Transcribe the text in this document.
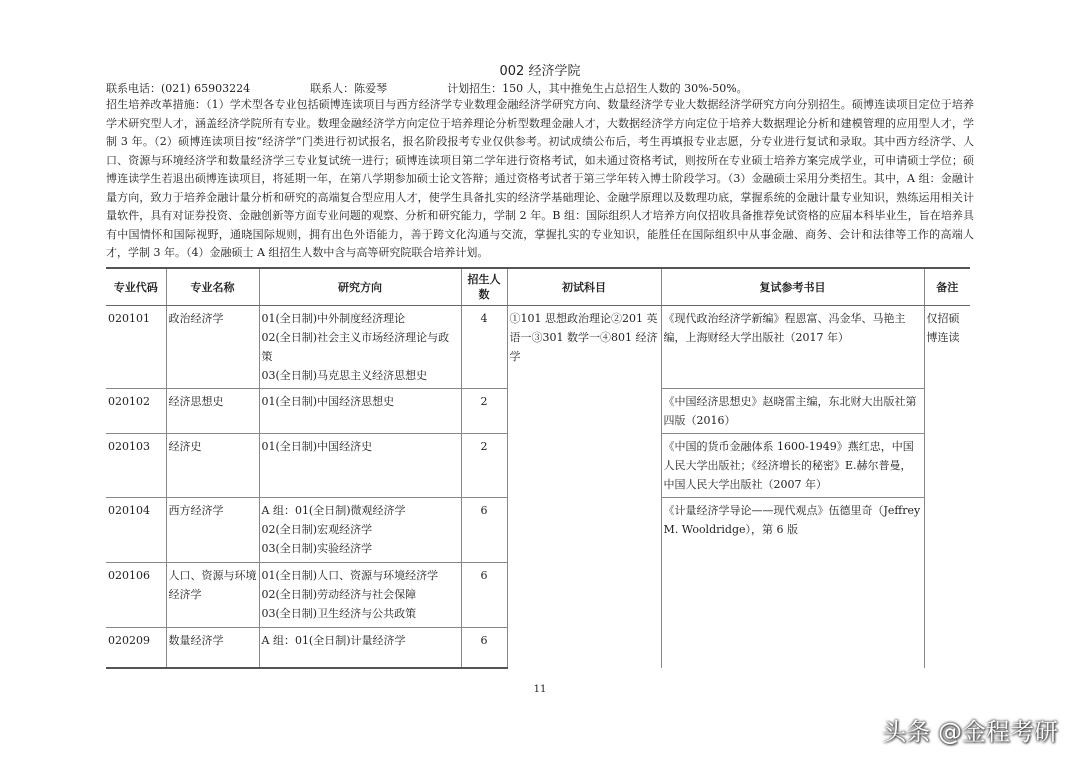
002 经济学院
联系电话：(021) 65903224	联系人：陈爱琴	计划招生：150 人，其中推免生占总招生人数的 30%-50%。
招生培养改革措施：（1）学术型各专业包括硕博连读项目与西方经济学专业数理金融经济学研究方向、数量经济学专业大数据经济学研究方向分别招生。硕博连读项目定位于培养学术研究型人才，涵盖经济学院所有专业。数理金融经济学方向定位于培养理论分析型数理金融人才，大数据经济学方向定位于培养大数据理论分析和建模管理的应用型人才，学制 3 年。（2）硕博连读项目按“经济学”门类进行初试报名，报名阶段报考专业仅供参考。初试成绩公布后，考生再填报专业志愿，分专业进行复试和录取。其中西方经济学、人口、资源与环境经济学和数量经济学三专业复试统一进行；硕博连读项目第二学年进行资格考试，如未通过资格考试，则按所在专业硕士培养方案完成学业，可申请硕士学位；硕博连读学生若退出硕博连读项目，将延期一年，在第八学期参加硕士论文答辩；通过资格考试者于第三学年转入博士阶段学习。（3）金融硕士采用分类招生。其中，A 组：金融计量方向，致力于培养金融计量分析和研究的高端复合型应用人才，使学生具备扎实的经济学基础理论、金融学原理以及数理功底，掌握系统的金融计量专业知识，熟练运用相关计量软件，具有对证券投资、金融创新等方面专业问题的观察、分析和研究能力，学制 2 年。B 组：国际组织人才培养方向仅招收具备推荐免试资格的应届本科毕业生，旨在培养具有中国情怀和国际视野，通晓国际规则，拥有出色外语能力，善于跨文化沟通与交流，掌握扎实的专业知识，能胜任在国际组织中从事金融、商务、会计和法律等工作的高端人才，学制 3 年。（4）金融硕士 A 组招生人数中含与高等研究院联合培养计划。
专业代码	专业名称	研究方向	招生人数	初试科目	复试参考书目	备注
020101	政治经济学	01(全日制)中外制度经济理论
02(全日制)社会主义市场经济理论与政策
03(全日制)马克思主义经济思想史	4	①101 思想政治理论②201 英语一③301 数学一④801 经济学	《现代政治经济学新编》程恩富、冯金华、马艳主编，上海财经大学出版社（2017 年）	仅招硕博连读
020102	经济思想史	01(全日制)中国经济思想史	2		《中国经济思想史》赵晓雷主编，东北财大出版社第四版（2016）	
020103	经济史	01(全日制)中国经济史	2		《中国的货币金融体系 1600-1949》燕红忠，中国人民大学出版社；《经济增长的秘密》E.赫尔普曼，中国人民大学出版社（2007 年）	
020104	西方经济学	A 组：01(全日制)微观经济学
02(全日制)宏观经济学
03(全日制)实验经济学	6		《计量经济学导论——现代观点》伍德里奇（Jeffrey M. Wooldridge），第 6 版	
020106	人口、资源与环境经济学	01(全日制)人口、资源与环境经济学
02(全日制)劳动经济与社会保障
03(全日制)卫生经济与公共政策	6			
020209	数量经济学	A 组：01(全日制)计量经济学	6			
11
头条 @金程考研
